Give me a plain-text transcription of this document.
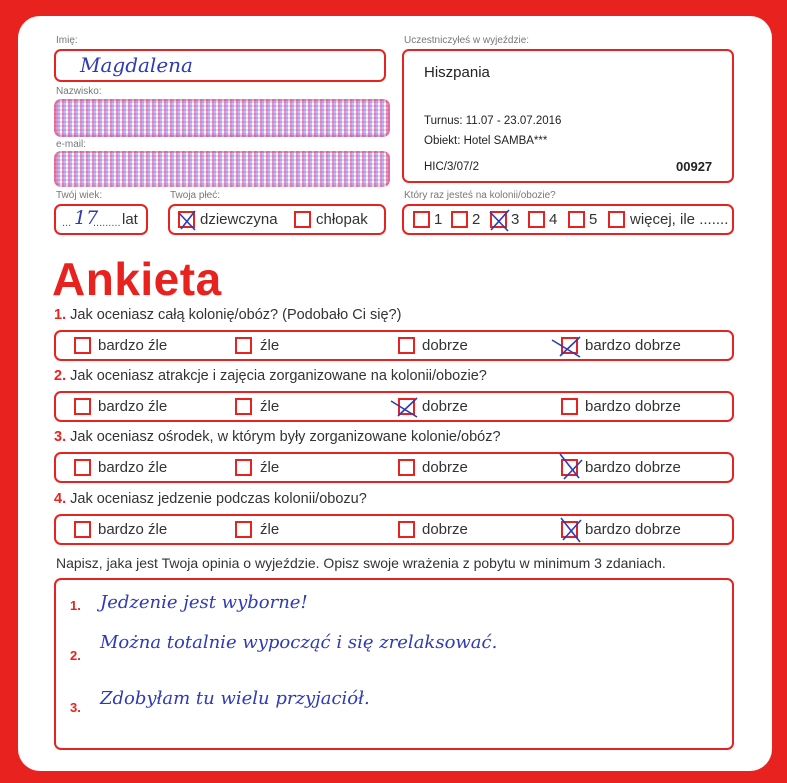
Imię:
Magdalena
Nazwisko:
e-mail:
Twój wiek:
... 17
......... lat
Twoja płeć:
dziewczyna	chłopak
Uczestniczyłeś w wyjeździe:
Hiszpania
Turnus: 11.07 - 23.07.2016
Obiekt: Hotel SAMBA***
HIC/3/07/2	00927
Który raz jesteś na kolonii/obozie?
1 2 3 4 5 więcej, ile .......
Ankieta
1. Jak oceniasz całą kolonię/obóz? (Podobało Ci się?)
bardzo źle	źle	dobrze	bardzo dobrze
2. Jak oceniasz atrakcje i zajęcia zorganizowane na kolonii/obozie?
bardzo źle	źle	dobrze	bardzo dobrze
3. Jak oceniasz ośrodek, w którym były zorganizowane kolonie/obóz?
bardzo źle	źle	dobrze	bardzo dobrze
4. Jak oceniasz jedzenie podczas kolonii/obozu?
bardzo źle	źle	dobrze	bardzo dobrze
Napisz, jaka jest Twoja opinia o wyjeździe. Opisz swoje wrażenia z pobytu w minimum 3 zdaniach.
1. Jedzenie jest wyborne!
2.
Można totalnie wypocząć i się zrelaksować.
3. Zdobyłam tu wielu przyjaciół.
